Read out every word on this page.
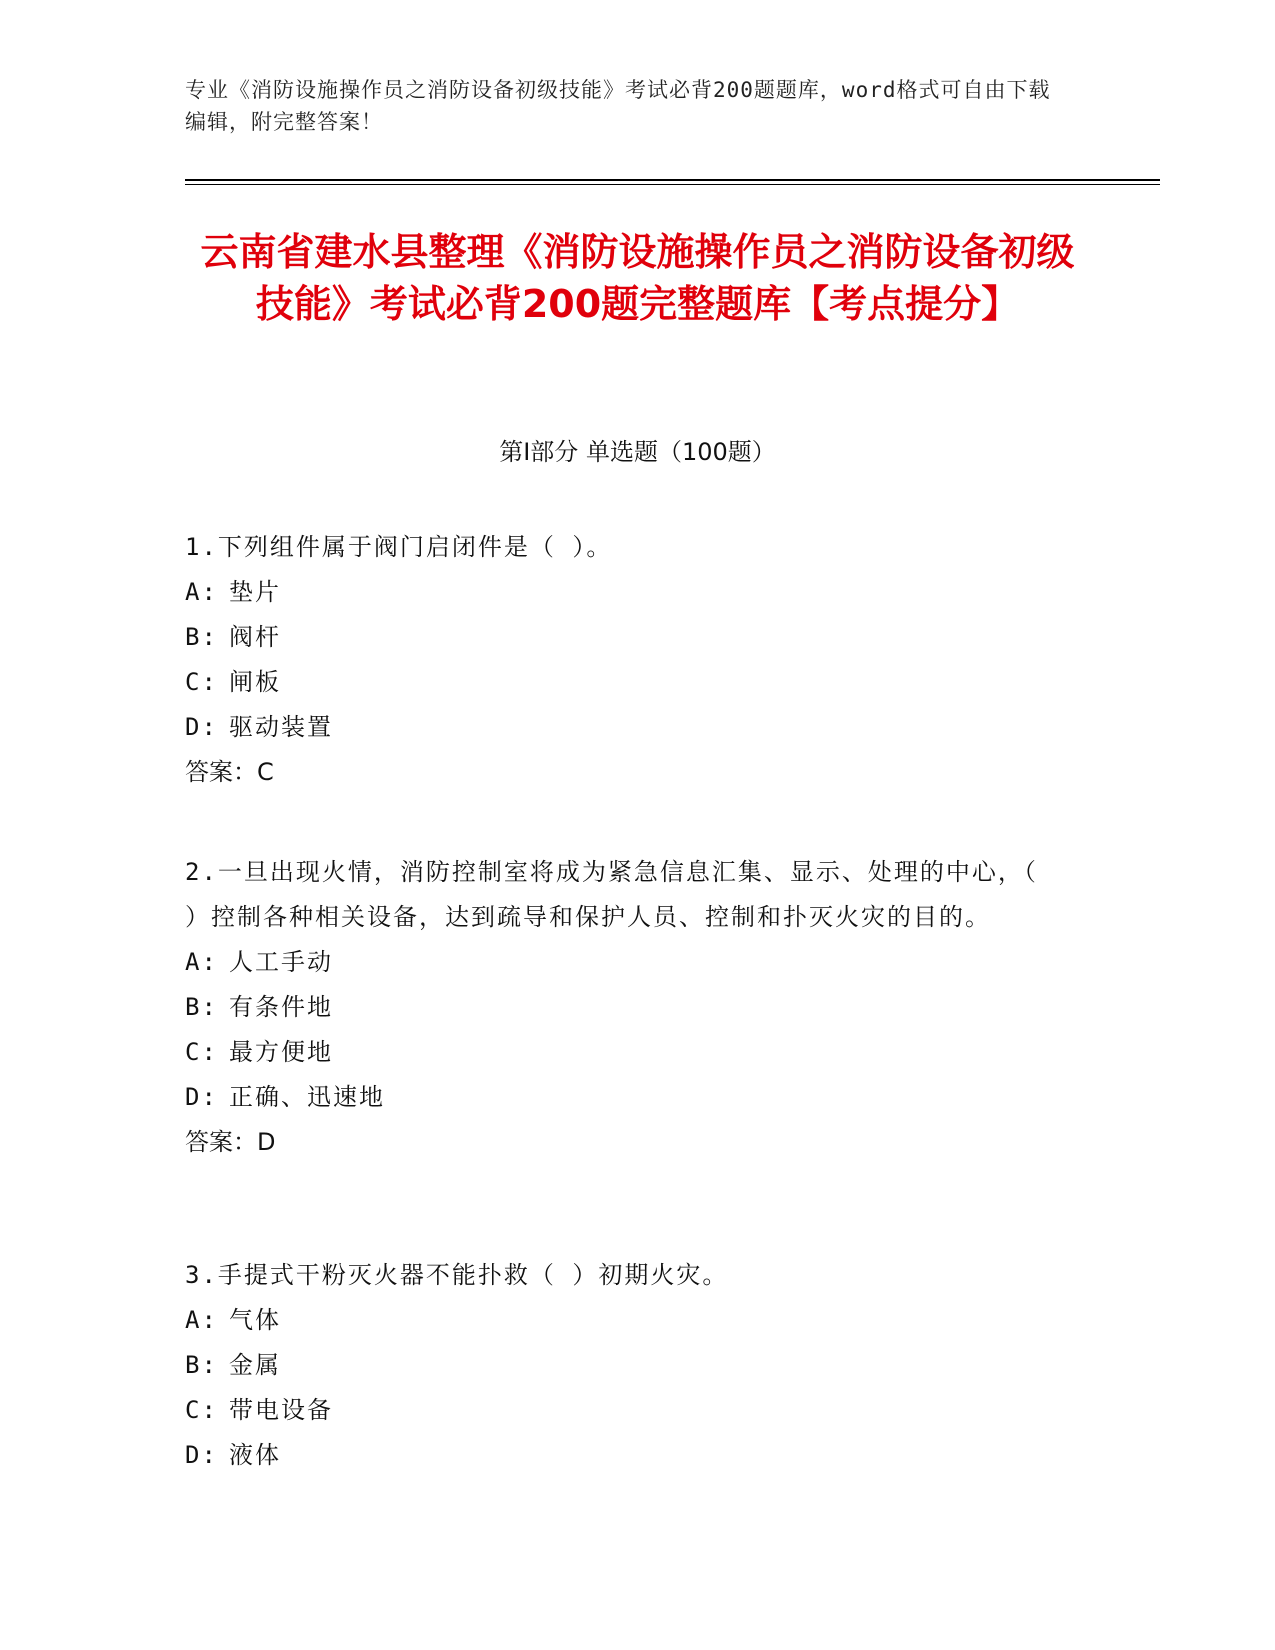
专业《消防设施操作员之消防设备初级技能》考试必背200题题库，word格式可自由下载编辑，附完整答案！
云南省建水县整理《消防设施操作员之消防设备初级技能》考试必背200题完整题库【考点提分】
第I部分 单选题（100题）

1.下列组件属于阀门启闭件是（ ）。

A: 垫片

B: 阀杆

C: 闸板

D: 驱动装置

答案：C

2.一旦出现火情，消防控制室将成为紧急信息汇集、显示、处理的中心，（ ）控制各种相关设备，达到疏导和保护人员、控制和扑灭火灾的目的。

A: 人工手动

B: 有条件地

C: 最方便地

D: 正确、迅速地

答案：D

3.手提式干粉灭火器不能扑救（ ）初期火灾。

A: 气体

B: 金属

C: 带电设备

D: 液体
